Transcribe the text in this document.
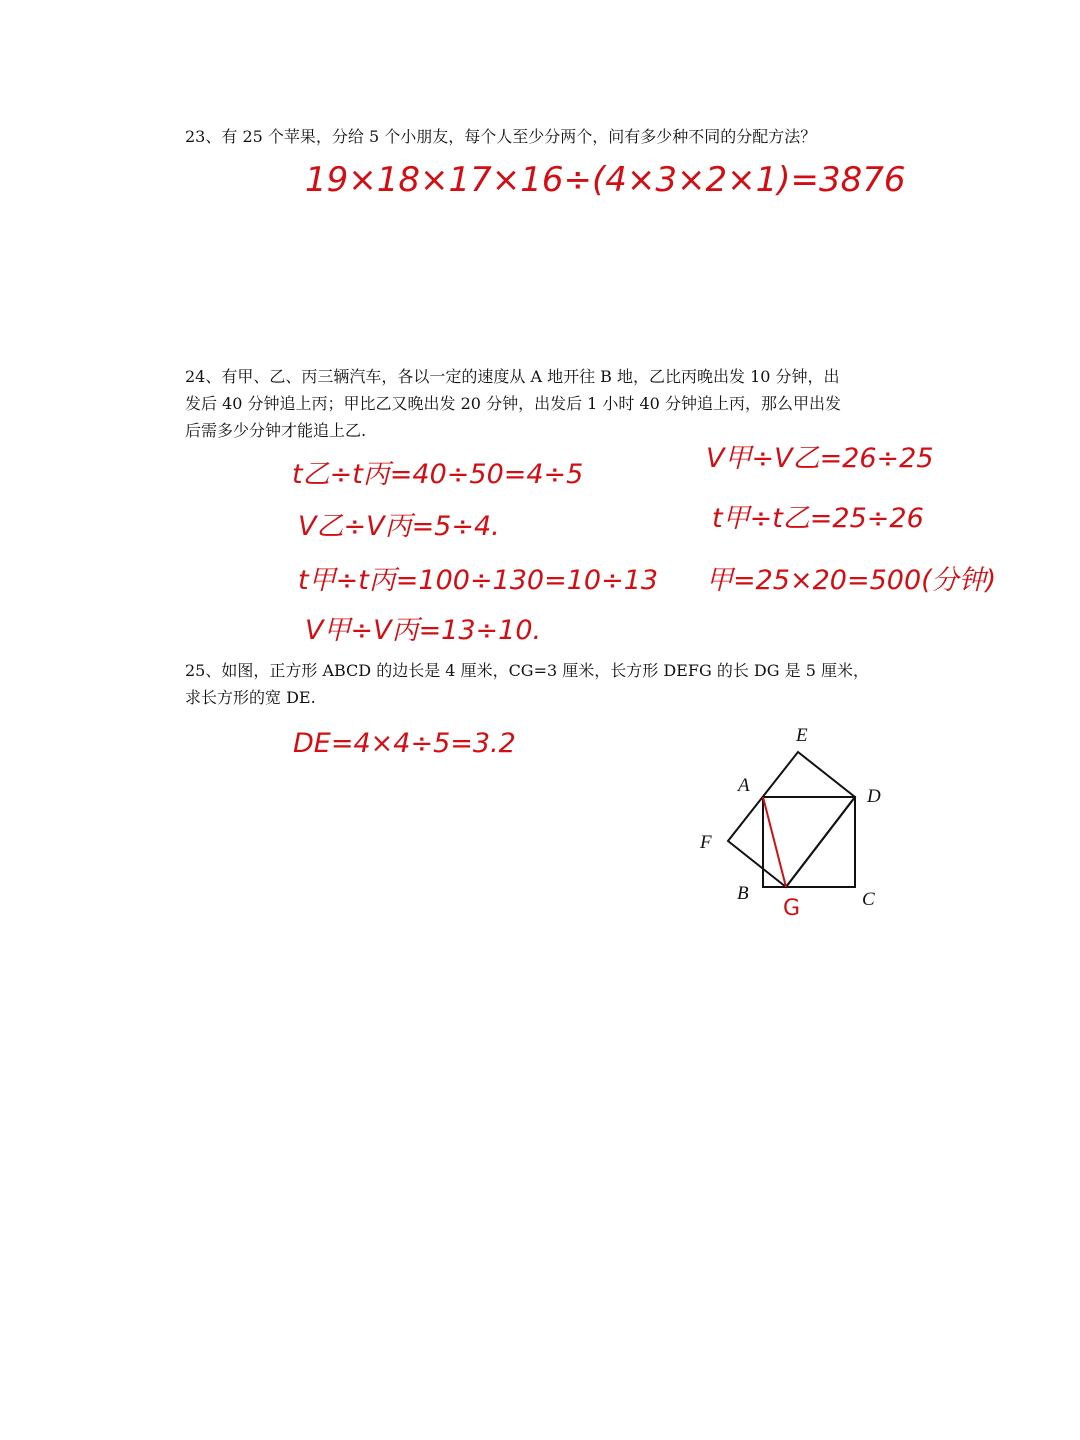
23、有 25 个苹果，分给 5 个小朋友，每个人至少分两个，问有多少种不同的分配方法？
19×18×17×16÷(4×3×2×1)=3876
24、有甲、乙、丙三辆汽车，各以一定的速度从 A 地开往 B 地，乙比丙晚出发 10 分钟，出
发后 40 分钟追上丙；甲比乙又晚出发 20 分钟，出发后 1 小时 40 分钟追上丙，那么甲出发
后需多少分钟才能追上乙.
t乙÷t丙=40÷50=4÷5
V乙÷V丙=5÷4.
t甲÷t丙=100÷130=10÷13
V甲÷V丙=13÷10.
V甲÷V乙=26÷25
t甲÷t乙=25÷26
甲=25×20=500(分钟)
25、如图，正方形 ABCD 的边长是 4 厘米，CG=3 厘米，长方形 DEFG 的长 DG 是 5 厘米，
求长方形的宽 DE.
DE=4×4÷5=3.2	E
A
D
F
B	C
G
